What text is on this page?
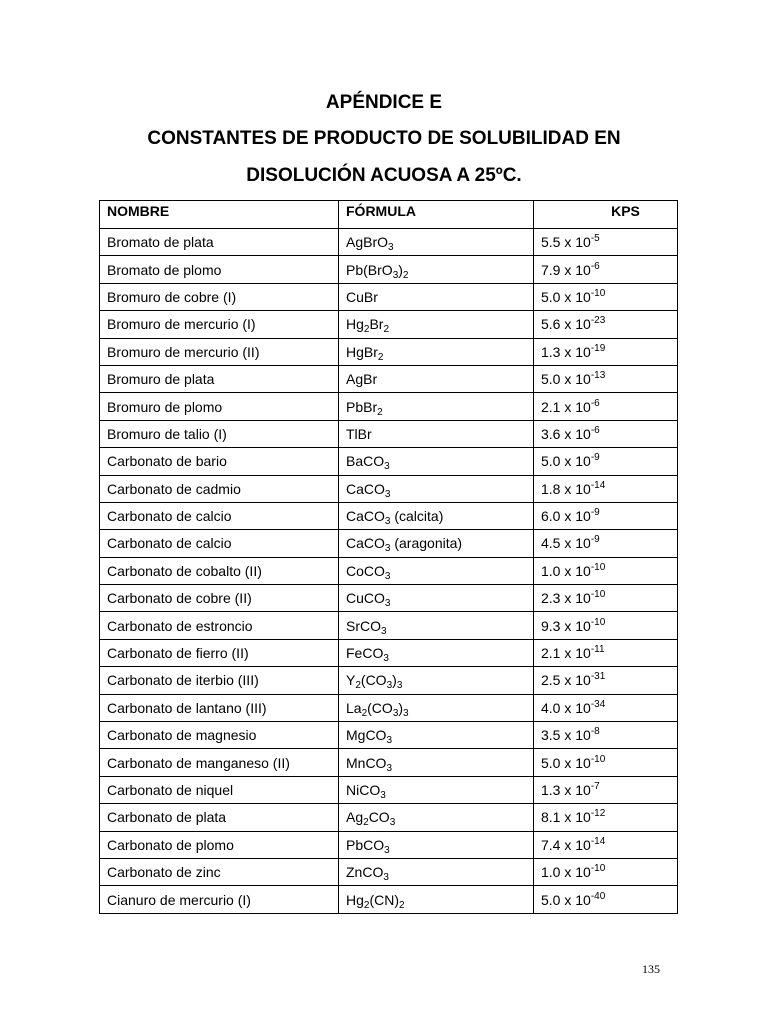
APÉNDICE E
CONSTANTES DE PRODUCTO DE SOLUBILIDAD EN
DISOLUCIÓN ACUOSA A 25ºC.
NOMBRE	FÓRMULA	KPS
Bromato de plata	AgBrO$_3$	5.5 x $10^{-5}$
Bromato de plomo	$Pb(BrO_3)_2$	7.9 x $10^{-6}$
Bromuro de cobre (I)	CuBr	5.0 x $10^{-10}$
Bromuro de mercurio (I)	$Hg_2Br_2$	5.6 x $10^{-23}$
Bromuro de mercurio (II)	HgBr$_2$	1.3 x $10^{-19}$
Bromuro de plata	AgBr	5.0 x $10^{-13}$
Bromuro de plomo	PbBr$_2$	2.1 x $10^{-6}$
Bromuro de talio (I)	TlBr	3.6 x $10^{-6}$
Carbonato de bario	BaCO$_3$	5.0 x $10^{-9}$
Carbonato de cadmio	CaCO$_3$	1.8 x $10^{-14}$
Carbonato de calcio	CaCO$_3$ (calcita)	6.0 x $10^{-9}$
Carbonato de calcio	CaCO$_3$ (aragonita)	4.5 x $10^{-9}$
Carbonato de cobalto (II)	CoCO$_3$	1.0 x $10^{-10}$
Carbonato de cobre (II)	CuCO$_3$	2.3 x $10^{-10}$
Carbonato de estroncio	SrCO$_3$	9.3 x $10^{-10}$
Carbonato de fierro (II)	FeCO$_3$	2.1 x $10^{-11}$
Carbonato de iterbio (III)	$Y_2(CO_3)_3$	2.5 x $10^{-31}$
Carbonato de lantano (III)	$La_2(CO_3)_3$	4.0 x $10^{-34}$
Carbonato de magnesio	MgCO$_3$	3.5 x $10^{-8}$
Carbonato de manganeso (II)	MnCO$_3$	5.0 x $10^{-10}$
Carbonato de niquel	NiCO$_3$	1.3 x $10^{-7}$
Carbonato de plata	$Ag_2CO_3$	8.1 x $10^{-12}$
Carbonato de plomo	PbCO$_3$	7.4 x $10^{-14}$
Carbonato de zinc	ZnCO$_3$	1.0 x $10^{-10}$
Cianuro de mercurio (I)	$Hg_2(CN)_2$	5.0 x $10^{-40}$
135
